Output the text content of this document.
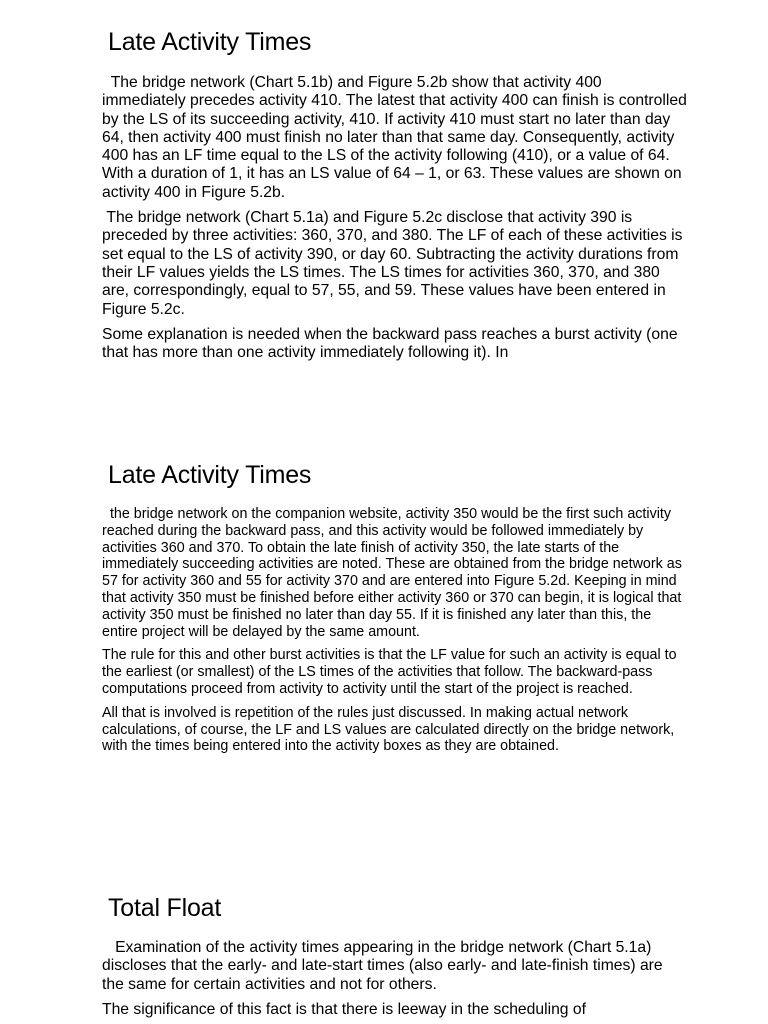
Late Activity Times

The bridge network (Chart 5.1b) and Figure 5.2b show that activity 400 immediately precedes activity 410. The latest that activity 400 can finish is controlled by the LS of its succeeding activity, 410. If activity 410 must start no later than day 64, then activity 400 must finish no later than that same day. Consequently, activity 400 has an LF time equal to the LS of the activity following (410), or a value of 64. With a duration of 1, it has an LS value of 64 – 1, or 63. These values are shown on activity 400 in Figure 5.2b.

The bridge network (Chart 5.1a) and Figure 5.2c disclose that activity 390 is preceded by three activities: 360, 370, and 380. The LF of each of these activities is set equal to the LS of activity 390, or day 60. Subtracting the activity durations from their LF values yields the LS times. The LS times for activities 360, 370, and 380 are, correspondingly, equal to 57, 55, and 59. These values have been entered in Figure 5.2c.

Some explanation is needed when the backward pass reaches a burst activity (one that has more than one activity immediately following it). In

Late Activity Times

the bridge network on the companion website, activity 350 would be the first such activity reached during the backward pass, and this activity would be followed immediately by activities 360 and 370. To obtain the late finish of activity 350, the late starts of the immediately succeeding activities are noted. These are obtained from the bridge network as 57 for activity 360 and 55 for activity 370 and are entered into Figure 5.2d. Keeping in mind that activity 350 must be finished before either activity 360 or 370 can begin, it is logical that activity 350 must be finished no later than day 55. If it is finished any later than this, the entire project will be delayed by the same amount.

The rule for this and other burst activities is that the LF value for such an activity is equal to the earliest (or smallest) of the LS times of the activities that follow. The backward-pass computations proceed from activity to activity until the start of the project is reached.

All that is involved is repetition of the rules just discussed. In making actual network calculations, of course, the LF and LS values are calculated directly on the bridge network, with the times being entered into the activity boxes as they are obtained.

Total Float

Examination of the activity times appearing in the bridge network (Chart 5.1a) discloses that the early- and late-start times (also early- and late-finish times) are the same for certain activities and not for others.

The significance of this fact is that there is leeway in the scheduling of
